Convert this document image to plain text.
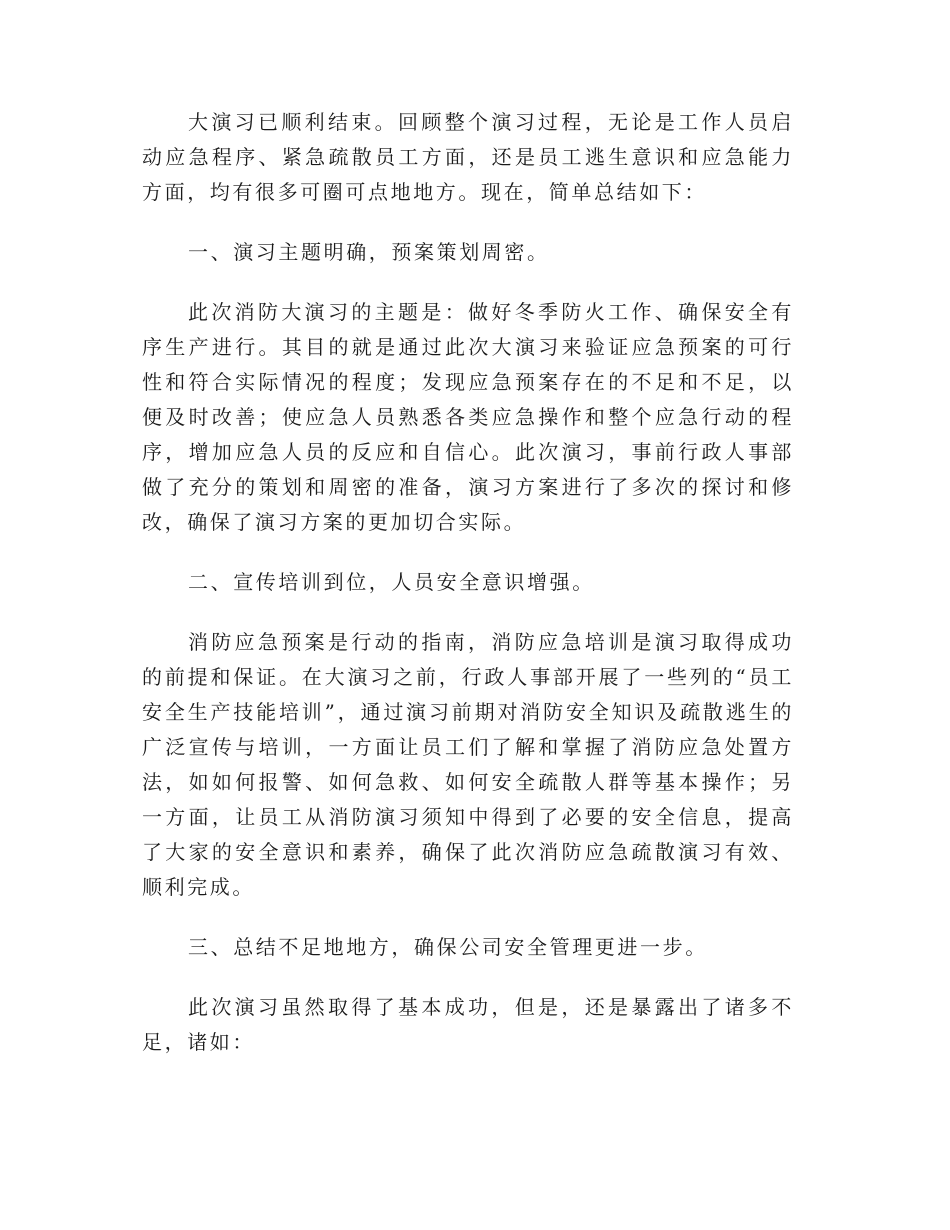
大演习已顺利结束。回顾整个演习过程，无论是工作人员启动应急程序、紧急疏散员工方面，还是员工逃生意识和应急能力方面，均有很多可圈可点地地方。现在，简单总结如下：

一、演习主题明确，预案策划周密。

此次消防大演习的主题是：做好冬季防火工作、确保安全有序生产进行。其目的就是通过此次大演习来验证应急预案的可行性和符合实际情况的程度；发现应急预案存在的不足和不足，以便及时改善；使应急人员熟悉各类应急操作和整个应急行动的程序，增加应急人员的反应和自信心。此次演习，事前行政人事部做了充分的策划和周密的准备，演习方案进行了多次的探讨和修改，确保了演习方案的更加切合实际。

二、宣传培训到位，人员安全意识增强。

消防应急预案是行动的指南，消防应急培训是演习取得成功的前提和保证。在大演习之前，行政人事部开展了一些列的“员工安全生产技能培训”，通过演习前期对消防安全知识及疏散逃生的广泛宣传与培训，一方面让员工们了解和掌握了消防应急处置方法，如如何报警、如何急救、如何安全疏散人群等基本操作；另一方面，让员工从消防演习须知中得到了必要的安全信息，提高了大家的安全意识和素养，确保了此次消防应急疏散演习有效、顺利完成。

三、总结不足地地方，确保公司安全管理更进一步。

此次演习虽然取得了基本成功，但是，还是暴露出了诸多不足，诸如：
